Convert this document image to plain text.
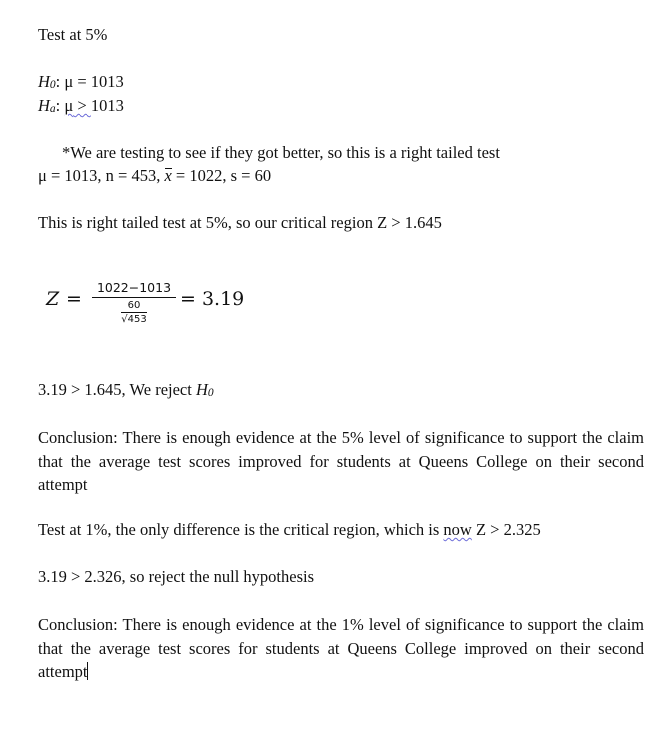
Test at 5%
H0: μ = 1013
Ha: μ > 1013
*We are testing to see if they got better, so this is a right tailed test
μ = 1013, n = 453, x = 1022, s = 60
This is right tailed test at 5%, so our critical region Z > 1.645
Z =
1022−1013
$\frac{60}{√453}$
= 3.19
3.19 > 1.645, We reject H0
Conclusion: There is enough evidence at the 5% level of significance to support the claim that the average test scores improved for students at Queens College on their second attempt
Test at 1%, the only difference is the critical region, which is now Z > 2.325
3.19 > 2.326, so reject the null hypothesis
Conclusion: There is enough evidence at the 1% level of significance to support the claim that the average test scores for students at Queens College improved on their second attempt
